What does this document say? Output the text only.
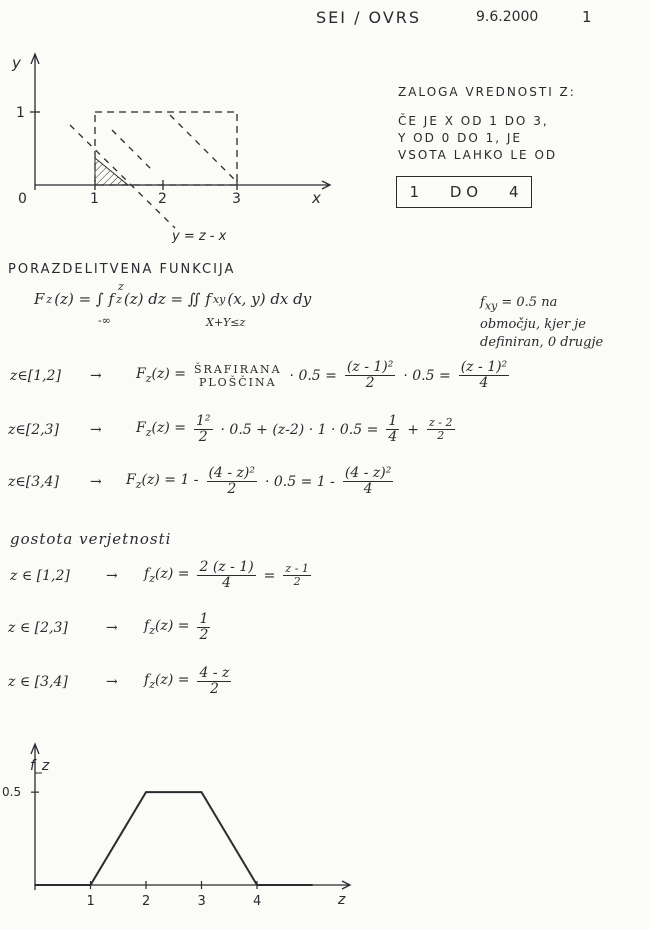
SEI / OVRS	9.6.2000	1
y
x
0
1
1	2	3
y = z - x
ZALOGA VREDNOSTI Z:
ČE JE X OD 1 DO 3,
Y OD 0 DO 1, JE
VSOTA LAHKO LE OD
1 D O 4
PORAZDELITVENA FUNKCIJA
F z (z) = ∫ f z (z) dz = ∬ f xy (x, y) dx dy
-∞
z
X+Y≤z
$f_{xy} = 0.5$ na
območju, kjer je
definiran, 0 drugje
z∈[1,2]	→	$F_z(z)$ = ŠRAFIRANA
PLOŠČINA · $0.5 = \frac{\text{(z - 1)²}}{2} \cdot 0.5 = \frac{\text{(z - 1)²}}{4}$
z∈[2,3]	→	$F_z(z) = \frac{\text{1²}}{2} \cdot 0.5 + (z-2) \cdot 1 \cdot 0.5 = \frac{1}{4} + \frac{z - 2}{2}$
z∈[3,4]	→	$F_z(z) = 1 - \frac{\text{(4 - z)²}}{2} \cdot 0.5 = 1 - \frac{\text{(4 - z)²}}{4}$
gostota verjetnosti
z ∈ [1,2]	→	$f_z(z) = \frac{2 (z - 1)}{4} = \frac{z - 1}{2}$
z ∈ [2,3]	→	$f_z(z) = \frac{1}{2}$
z ∈ [3,4]	→	$f_z(z) = \frac{4 - z}{2}$
f_z
z
1	2	3	4
0.5
